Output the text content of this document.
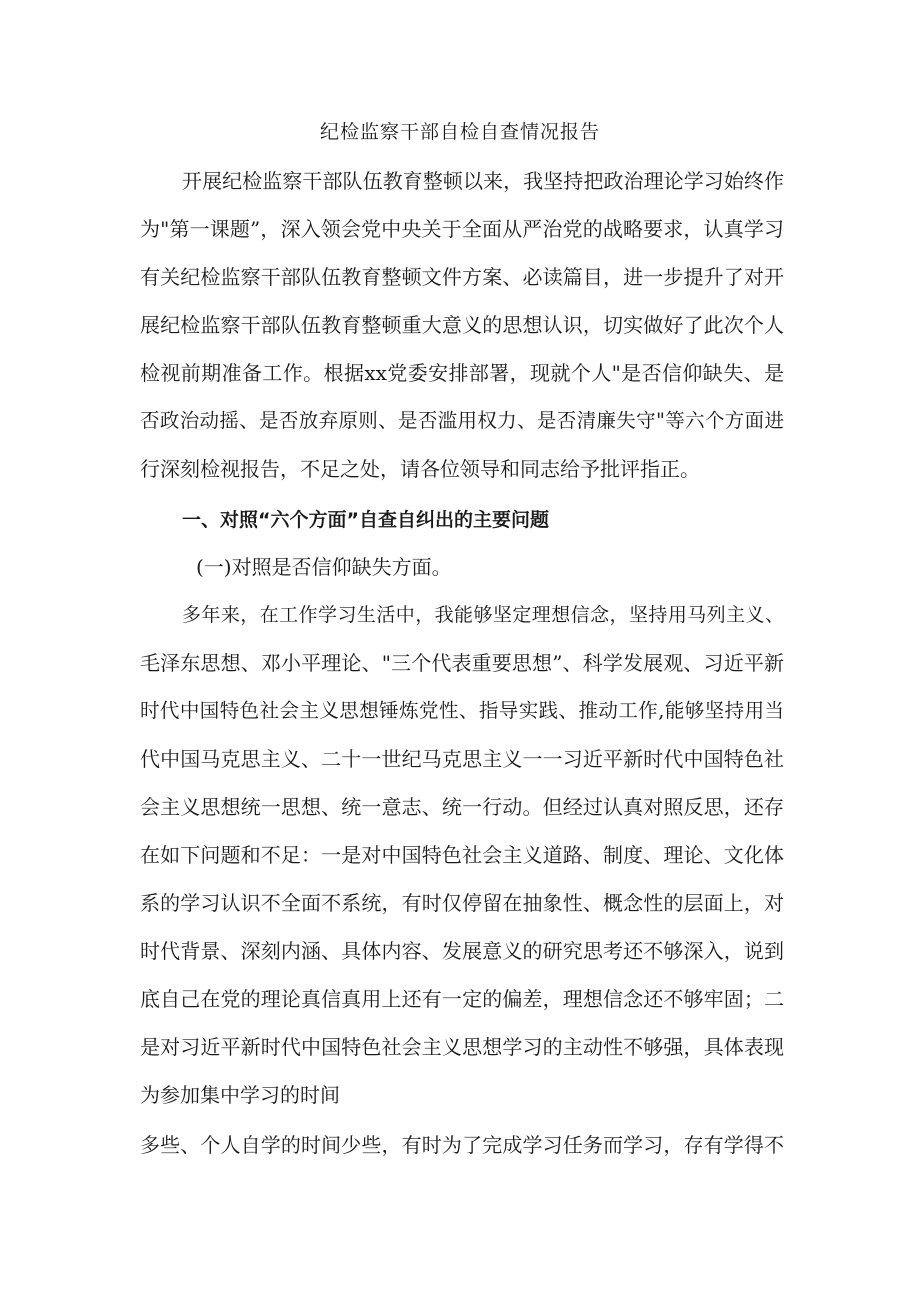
纪检监察干部自检自查情况报告
开展纪检监察干部队伍教育整顿以来，我坚持把政治理论学习始终作
为"第一课题”，深入领会党中央关于全面从严治党的战略要求，认真学习
有关纪检监察干部队伍教育整顿文件方案、必读篇目，进一步提升了对开
展纪检监察干部队伍教育整顿重大意义的思想认识，切实做好了此次个人
检视前期准备工作。根据xx党委安排部署，现就个人"是否信仰缺失、是
否政治动摇、是否放弃原则、是否滥用权力、是否清廉失守"等六个方面进
行深刻检视报告，不足之处，请各位领导和同志给予批评指正。
一、对照“六个方面”自查自纠出的主要问题
(一)对照是否信仰缺失方面。
多年来，在工作学习生活中，我能够坚定理想信念，坚持用马列主义、
毛泽东思想、邓小平理论、"三个代表重要思想”、科学发展观、习近平新
时代中国特色社会主义思想锤炼党性、指导实践、推动工作,能够坚持用当
代中国马克思主义、二十一世纪马克思主义一一习近平新时代中国特色社
会主义思想统一思想、统一意志、统一行动。但经过认真对照反思，还存
在如下问题和不足：一是对中国特色社会主义道路、制度、理论、文化体
系的学习认识不全面不系统，有时仅停留在抽象性、概念性的层面上，对
时代背景、深刻内涵、具体内容、发展意义的研究思考还不够深入，说到
底自己在党的理论真信真用上还有一定的偏差，理想信念还不够牢固；二
是对习近平新时代中国特色社会主义思想学习的主动性不够强，具体表现
为参加集中学习的时间
多些、个人自学的时间少些，有时为了完成学习任务而学习，存有学得不
